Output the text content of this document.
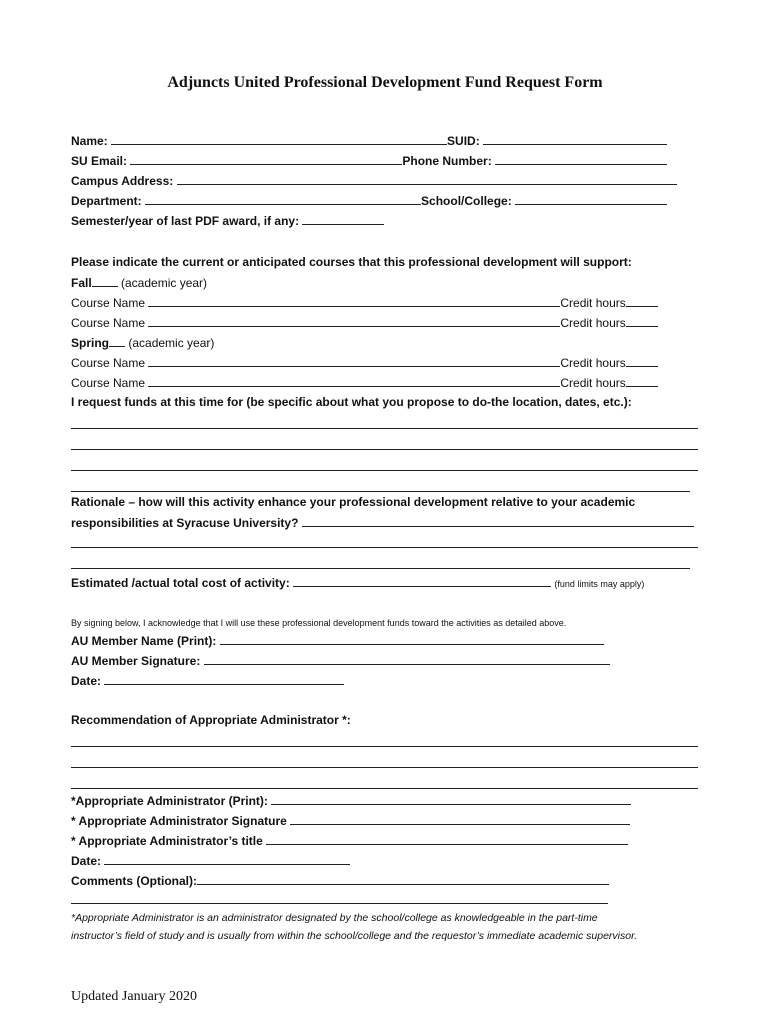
Adjuncts United Professional Development Fund Request Form
Name:	SUID:
SU Email:	Phone Number:
Campus Address:
Department:	School/College:
Semester/year of last PDF award, if any:
Please indicate the current or anticipated courses that this professional development will support:
Fall (academic year)
Course Name	Credit hours
Course Name	Credit hours
Spring (academic year)
Course Name	Credit hours
Course Name	Credit hours
I request funds at this time for (be specific about what you propose to do-the location, dates, etc.):
Rationale – how will this activity enhance your professional development relative to your academic
responsibilities at Syracuse University?
Estimated /actual total cost of activity:	(fund limits may apply)
By signing below, I acknowledge that I will use these professional development funds toward the activities as detailed above.
AU Member Name (Print):
AU Member Signature:
Date:
Recommendation of Appropriate Administrator *:
*Appropriate Administrator (Print):
* Appropriate Administrator Signature
* Appropriate Administrator’s title
Date:
Comments (Optional):
*Appropriate Administrator is an administrator designated by the school/college as knowledgeable in the part-time
instructor’s field of study and is usually from within the school/college and the requestor’s immediate academic supervisor.
Updated January 2020
